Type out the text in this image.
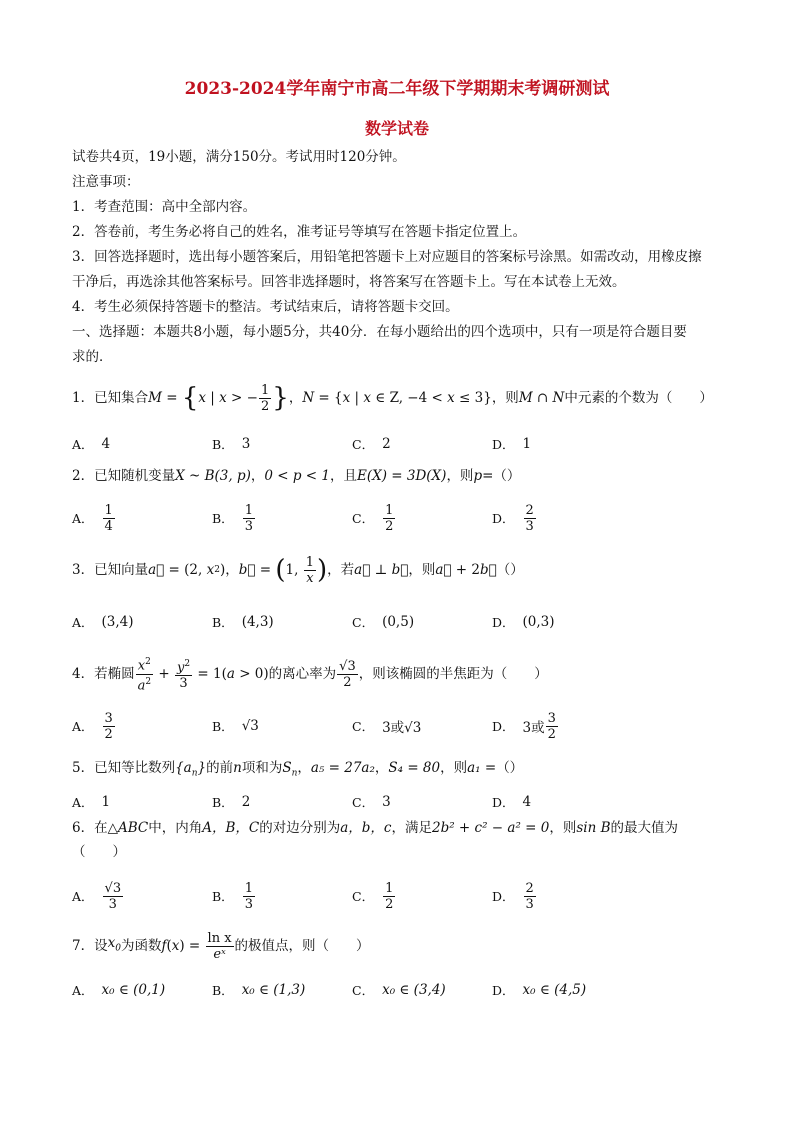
2023-2024学年南宁市高二年级下学期期末考调研测试
数学试卷
试卷共4页，19小题，满分150分。考试用时120分钟。
注意事项：
1．考查范围：高中全部内容。
2．答卷前，考生务必将自己的姓名，准考证号等填写在答题卡指定位置上。
3．回答选择题时，选出每小题答案后，用铅笔把答题卡上对应题目的答案标号涂黑。如需改动，用橡皮擦
干净后，再选涂其他答案标号。回答非选择题时，将答案写在答题卡上。写在本试卷上无效。
4．考生必须保持答题卡的整洁。考试结束后，请将答题卡交回。
一、选择题：本题共8小题，每小题5分，共40分．在每小题给出的四个选项中，只有一项是符合题目要
求的．
1．已知集合 M = { x | x > − $\frac{1}{2}$ } ， N = { x | x ∈ Z, −4 < x ≤ 3} ，则 M ∩ N 中元素的个数为（　　）
A． 4	B． 3	C． 2	D． 1
2．已知随机变量X ~ B(3, p)，0 < p < 1，且E(X) = 3D(X)，则p=（）
A． $\frac{1}{4}$	B． $\frac{1}{3}$	C． $\frac{1}{2}$	D． $\frac{2}{3}$
3．已知向量 a⃗ = (2, x 2 ) ， b⃗ = ( 1, $\frac{1}{x}$ ) ，若 a⃗ ⊥ b⃗ ，则 a⃗ + 2 b⃗ （）
A． (3,4)	B． (4,3)	C． (0,5)	D． (0,3)
4．若椭圆 $\frac{x^2}{a^2} + \frac{y^2}{3} = 1$( a > 0) 的离心率为 $\frac{√3}{2}$ ，则该椭圆的半焦距为（　　）
A． $\frac{3}{2}$	B． √3	C． 3或√3	D． 3或 $\frac{3}{2}$
5．已知等比数列$\{a_n\}$的前n项和为$S_n$，a₅ = 27a₂，S₄ = 80，则a₁ =（）
A． 1	B． 2	C． 3	D． 4
6．在△ABC中，内角A，B，C的对边分别为a，b，c，满足2b² + c² − a² = 0，则sin B的最大值为
（　　）
A． $\frac{√3}{3}$	B． $\frac{1}{3}$	C． $\frac{1}{2}$	D． $\frac{2}{3}$
7．设 $x_0$ 为函数 f ( x ) = $\frac{\text{ln x}}{\text{eˣ}}$ 的极值点，则（　　）
A． x₀ ∈ (0,1)	B． x₀ ∈ (1,3)	C． x₀ ∈ (3,4)	D． x₀ ∈ (4,5)
